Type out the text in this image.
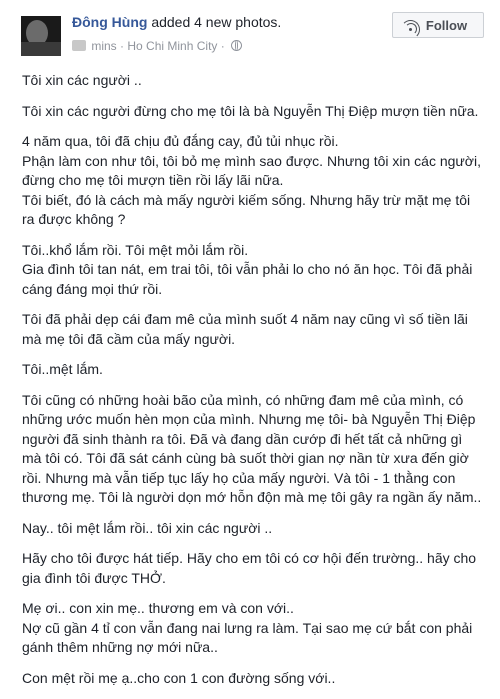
Đông Hùng added 4 new photos.
mins · Ho Chi Minh City ·
Follow

Tôi xin các người ..

Tôi xin các người đừng cho mẹ tôi là bà Nguyễn Thị Điệp mượn tiền nữa.

4 năm qua, tôi đã chịu đủ đắng cay, đủ tủi nhục rồi.
Phận làm con như tôi, tôi bỏ mẹ mình sao được. Nhưng tôi xin các người,
đừng cho mẹ tôi mượn tiền rồi lấy lãi nữa.
Tôi biết, đó là cách mà mấy người kiếm sống. Nhưng hãy trừ mặt mẹ tôi
ra được không ?

Tôi..khổ lắm rồi. Tôi mệt mỏi lắm rồi.
Gia đình tôi tan nát, em trai tôi, tôi vẫn phải lo cho nó ăn học. Tôi đã phải
cáng đáng mọi thứ rồi.

Tôi đã phải dẹp cái đam mê của mình suốt 4 năm nay cũng vì số tiền lãi
mà mẹ tôi đã cầm của mấy người.

Tôi..mệt lắm.

Tôi cũng có những hoài bão của mình, có những đam mê của mình, có
những ước muốn hèn mọn của mình. Nhưng mẹ tôi- bà Nguyễn Thị Điệp
người đã sinh thành ra tôi. Đã và đang dần cướp đi hết tất cả những gì
mà tôi có. Tôi đã sát cánh cùng bà suốt thời gian nợ nần từ xưa đến giờ
rồi. Nhưng mà vẫn tiếp tục lấy họ của mấy người. Và tôi - 1 thằng con
thương mẹ. Tôi là người dọn mớ hỗn độn mà mẹ tôi gây ra ngần ấy năm..

Nay.. tôi mệt lắm rồi.. tôi xin các người ..

Hãy cho tôi được hát tiếp. Hãy cho em tôi có cơ hội đến trường.. hãy cho
gia đình tôi được THỞ.

Mẹ ơi.. con xin mẹ.. thương em và con với..
Nợ cũ gần 4 tỉ con vẫn đang nai lưng ra làm. Tại sao mẹ cứ bắt con phải
gánh thêm những nợ mới nữa..

Con mệt rồi mẹ ạ..cho con 1 con đường sống với..
